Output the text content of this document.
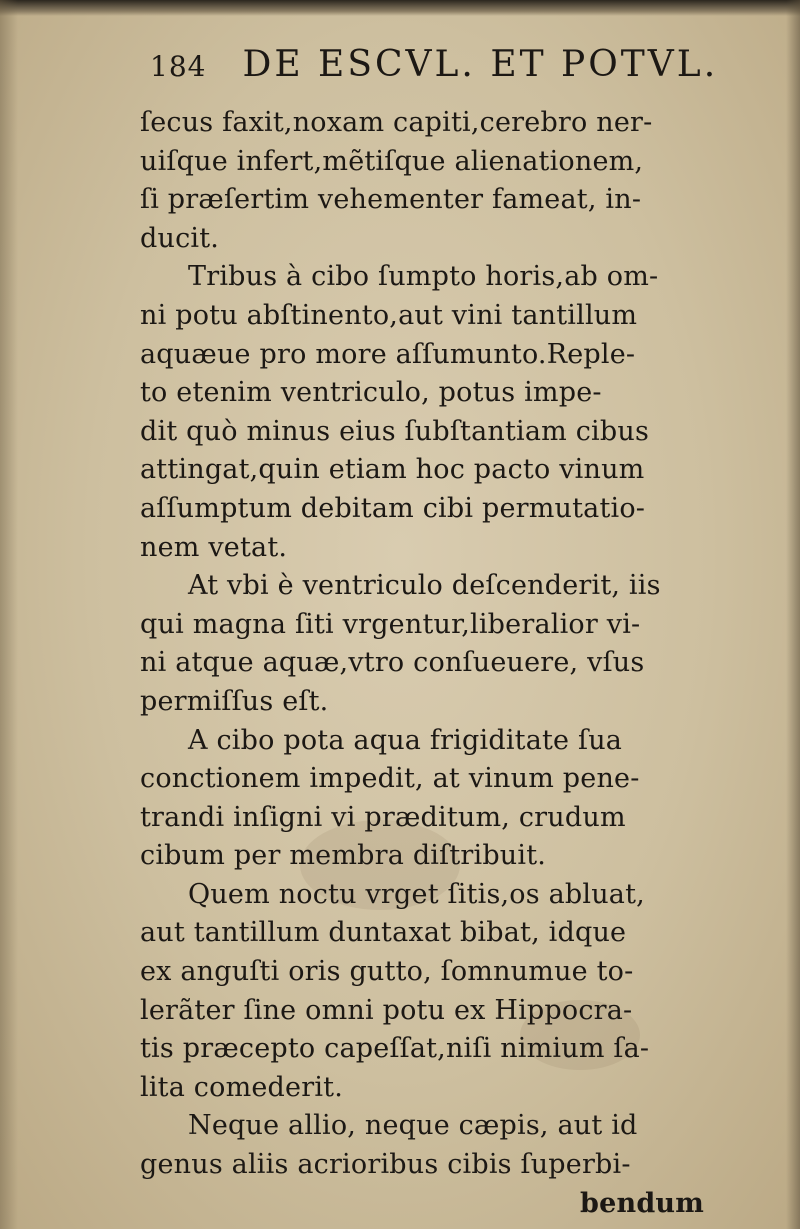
184 DE ESCVL. ET POTVL.
ſecus faxit,noxam capiti,cerebro ner-
uiſque infert,mẽtiſque alienationem,
ſi præſertim vehementer fameat, in-
ducit.
Tribus à cibo ſumpto horis,ab om-
ni potu abſtinento,aut vini tantillum
aquæue pro more aſſumunto.Reple-
to etenim ventriculo, potus impe-
dit quò minus eius ſubſtantiam cibus
attingat,quin etiam hoc pacto vinum
aſſumptum debitam cibi permutatio-
nem vetat.
At vbi è ventriculo deſcenderit, iis
qui magna ſiti vrgentur,liberalior vi-
ni atque aquæ,vtro conſueuere, vſus
permiſſus eſt.
A cibo pota aqua frigiditate ſua
conctionem impedit, at vinum pene-
trandi inſigni vi præditum, crudum
cibum per membra diſtribuit.
Quem noctu vrget ſitis,os abluat,
aut tantillum duntaxat bibat, idque
ex anguſti oris gutto, ſomnumue to-
lerãter ſine omni potu ex Hippocra-
tis præcepto capeſſat,niſi nimium ſa-
lita comederit.
Neque allio, neque cæpis, aut id
genus aliis acrioribus cibis ſuperbi-
bendum
